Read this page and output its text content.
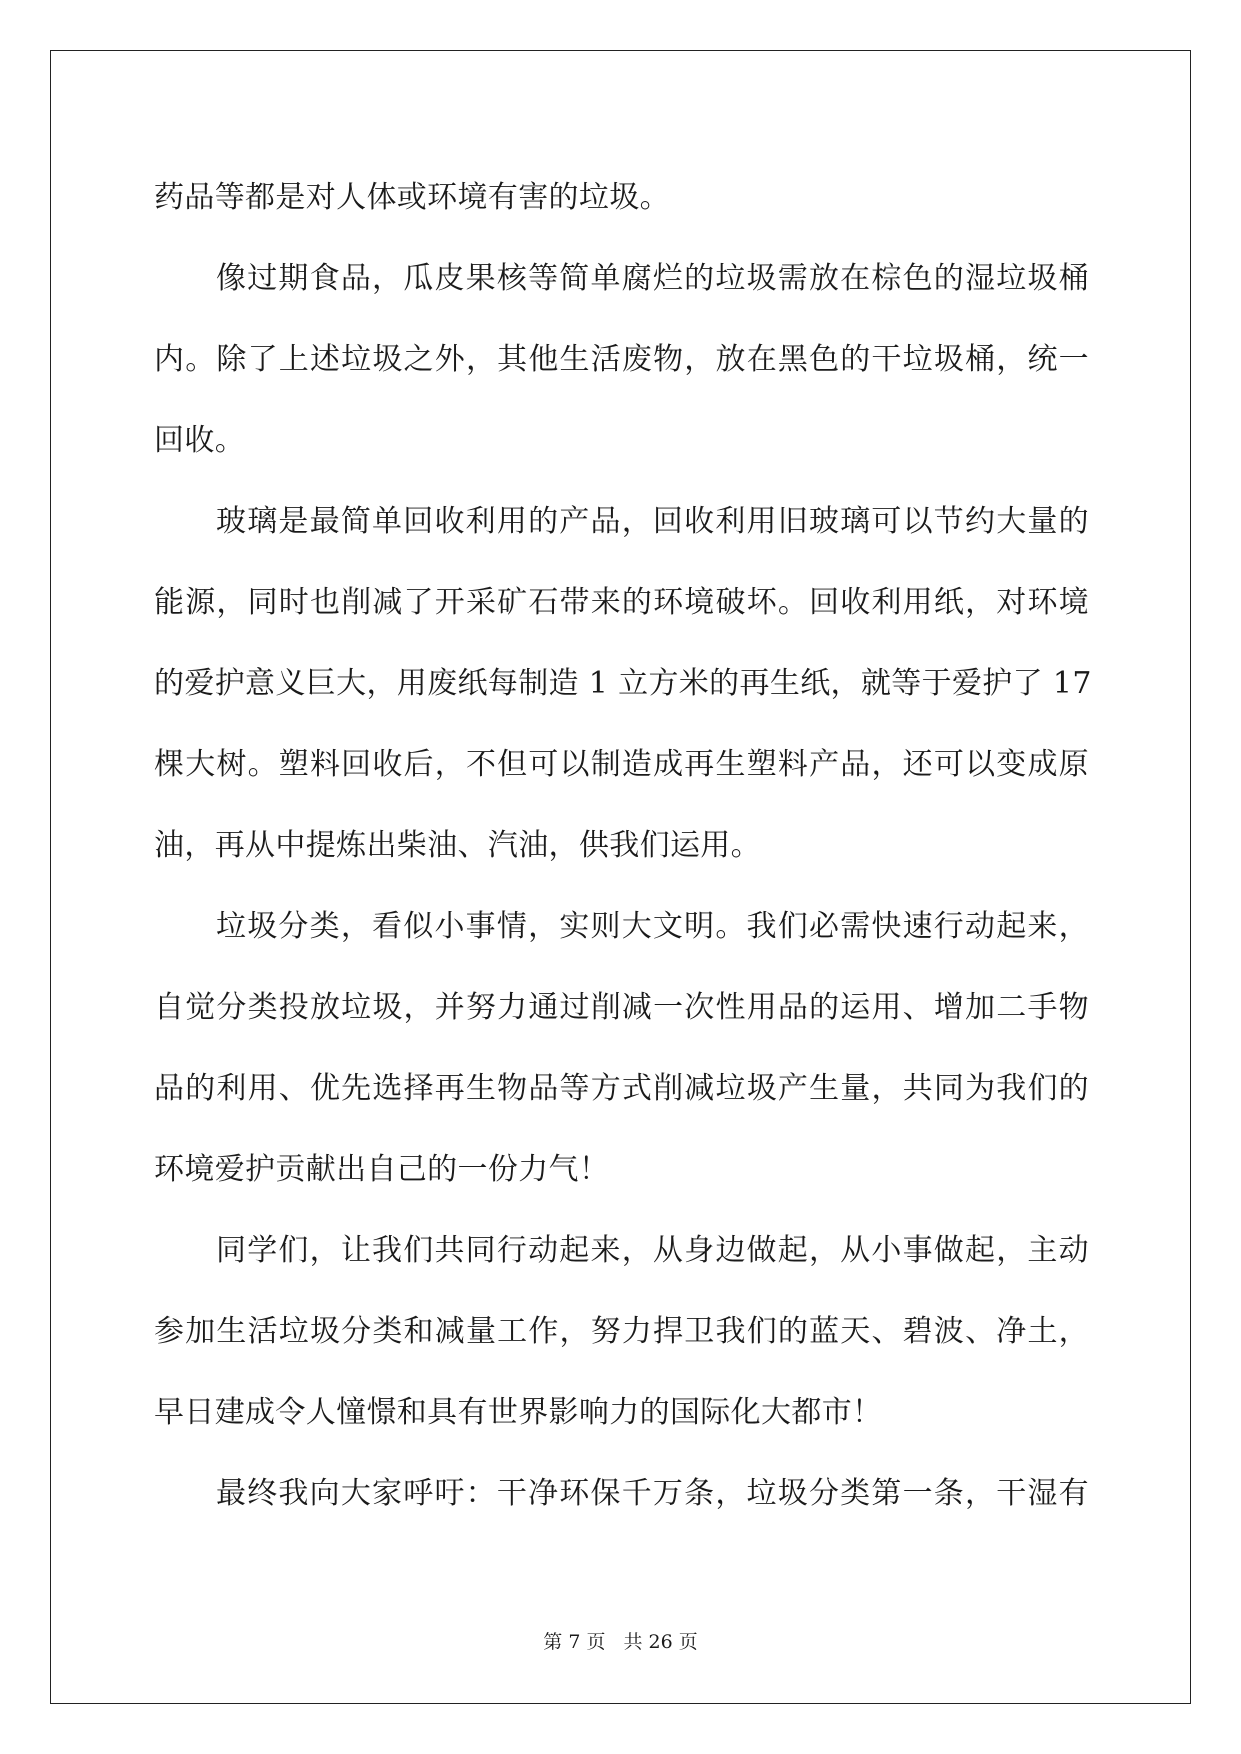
药品等都是对人体或环境有害的垃圾。
像过期食品，瓜皮果核等简单腐烂的垃圾需放在棕色的湿垃圾桶
内。除了上述垃圾之外，其他生活废物，放在黑色的干垃圾桶，统一
回收。
玻璃是最简单回收利用的产品，回收利用旧玻璃可以节约大量的
能源，同时也削减了开采矿石带来的环境破坏。回收利用纸，对环境
的爱护意义巨大，用废纸每制造 1 立方米的再生纸，就等于爱护了 17
棵大树。塑料回收后，不但可以制造成再生塑料产品，还可以变成原
油，再从中提炼出柴油、汽油，供我们运用。
垃圾分类，看似小事情，实则大文明。我们必需快速行动起来，
自觉分类投放垃圾，并努力通过削减一次性用品的运用、增加二手物
品的利用、优先选择再生物品等方式削减垃圾产生量，共同为我们的
环境爱护贡献出自己的一份力气！
同学们，让我们共同行动起来，从身边做起，从小事做起，主动
参加生活垃圾分类和减量工作，努力捍卫我们的蓝天、碧波、净土，
早日建成令人憧憬和具有世界影响力的国际化大都市！
最终我向大家呼吁：干净环保千万条，垃圾分类第一条，干湿有
第 7 页 共 26 页
